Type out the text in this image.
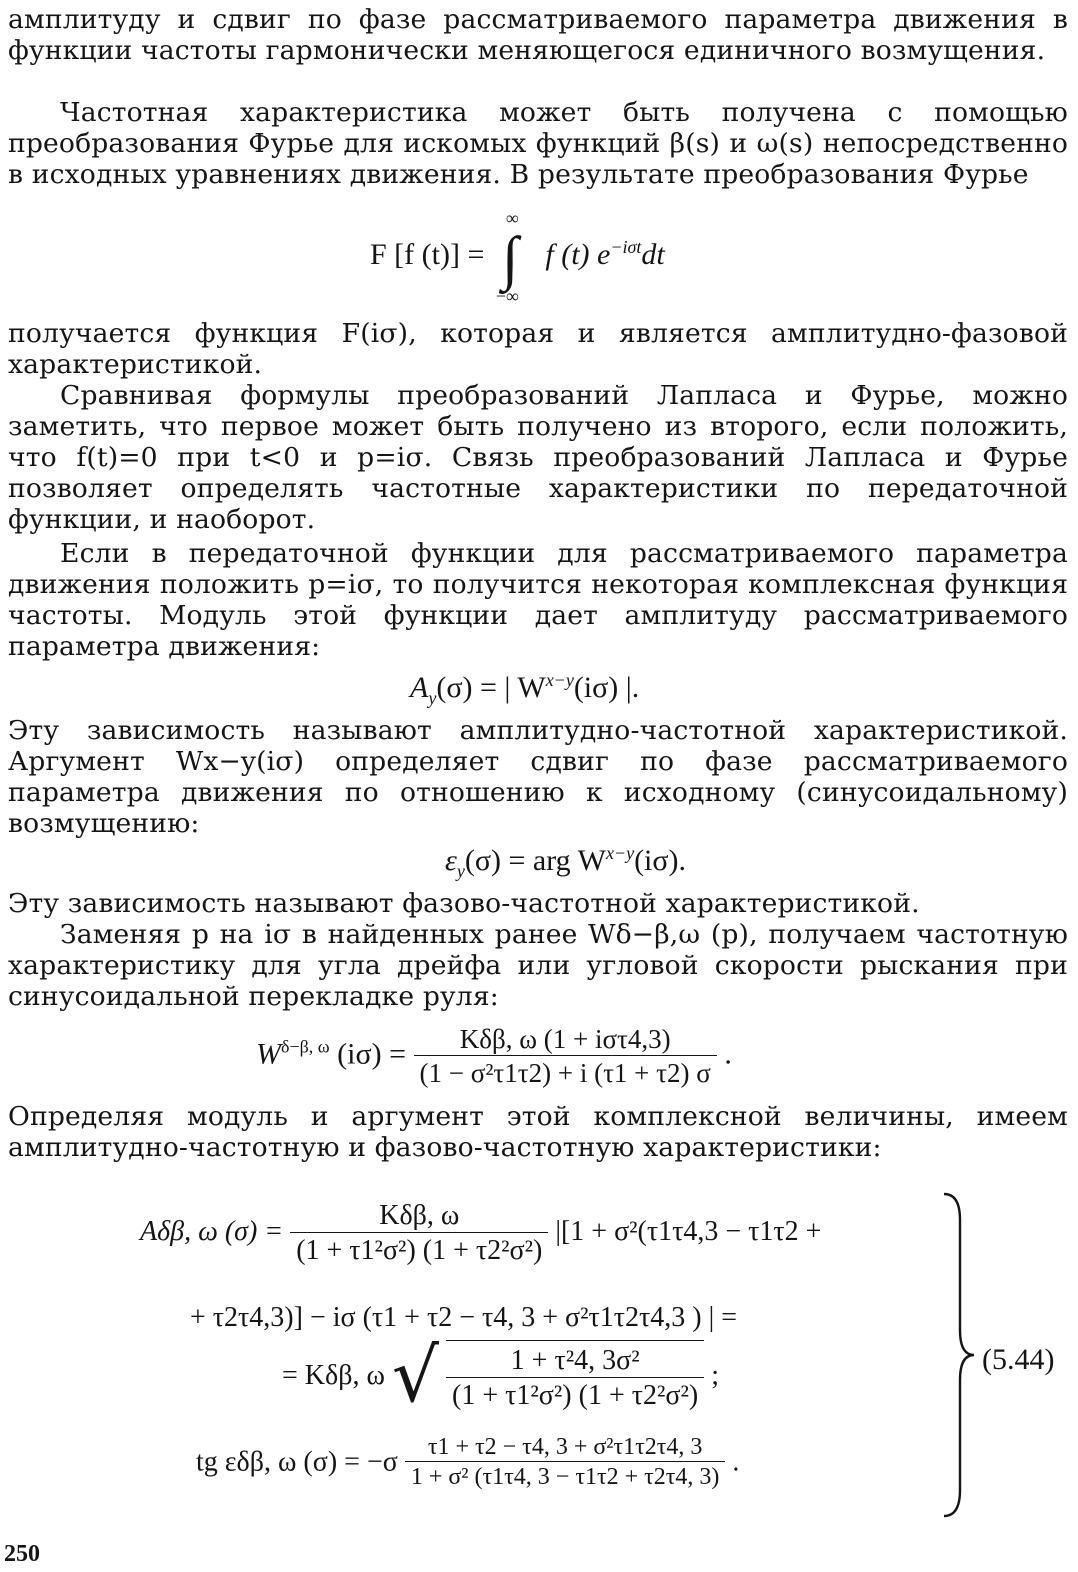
амплитуду и сдвиг по фазе рассматриваемого параметра движения в функции частоты гармонически меняющегося единичного возмущения.
Частотная характеристика может быть получена с помощью преобразования Фурье для искомых функций β(s) и ω(s) непосредственно в исходных уравнениях движения. В результате преобразования Фурье
F [f (t)] = ∫
∞
−∞
f (t) $e^{-i\sigma t}dt$
получается функция F(iσ), которая и является амплитудно-фазовой характеристикой.
Сравнивая формулы преобразований Лапласа и Фурье, можно заметить, что первое может быть получено из второго, если положить, что f(t)=0 при t<0 и p=iσ. Связь преобразований Лапласа и Фурье позволяет определять частотные характеристики по передаточной функции, и наоборот.
Если в передаточной функции для рассматриваемого параметра движения положить p=iσ, то получится некоторая комплексная функция частоты. Модуль этой функции дает амплитуду рассматриваемого параметра движения:
$A_y(\sigma)$ = | $W^{x-y}(i\sigma)$ |.
Эту зависимость называют амплитудно-частотной характеристикой. Аргумент Wx−y(iσ) определяет сдвиг по фазе рассматриваемого параметра движения по отношению к исходному (синусоидальному) возмущению:
$\varepsilon_y(\sigma)$ = arg $W^{x-y}(i\sigma)$.
Эту зависимость называют фазово-частотной характеристикой.
Заменяя p на iσ в найденных ранее Wδ−β,ω (p), получаем частотную характеристику для угла дрейфа или угловой скорости рыскания при синусоидальной перекладке руля:
$W^{\delta-\beta, \omega}$ $(i\sigma) = \frac{\text{Kδβ, ω (1 + iστ4,3)}}{\text{(1 − σ²τ1τ2) + i (τ1 + τ2) σ}}$ .
Определяя модуль и аргумент этой комплексной величины, имеем амплитудно-частотную и фазово-частотную характеристики:
Aδβ, ω $(\sigma) = \frac{\text{Kδβ, ω}}{\text{(1 + τ1²σ²) (1 + τ2²σ²)}} |[1 + \sigma^2(\tau 1\tau 4,3 - \tau 1\tau 2$ +
+ τ2τ4,3)] − iσ (τ1 + τ2 − τ4, 3 + σ²τ1τ2τ4,3 ) | =
= Kδβ, ω √ $\frac{\text{1 + τ²4, 3σ²}}{\text{(1 + τ1²σ²) (1 + τ2²σ²)}}$ ;
tg εδβ, ω $(\sigma) = -\sigma \frac{\text{τ1 + τ2 − τ4, 3 + σ²τ1τ2τ4, 3}}{\text{1 + σ² (τ1τ4, 3 − τ1τ2 + τ2τ4, 3)}}$ .
(5.44)
250
